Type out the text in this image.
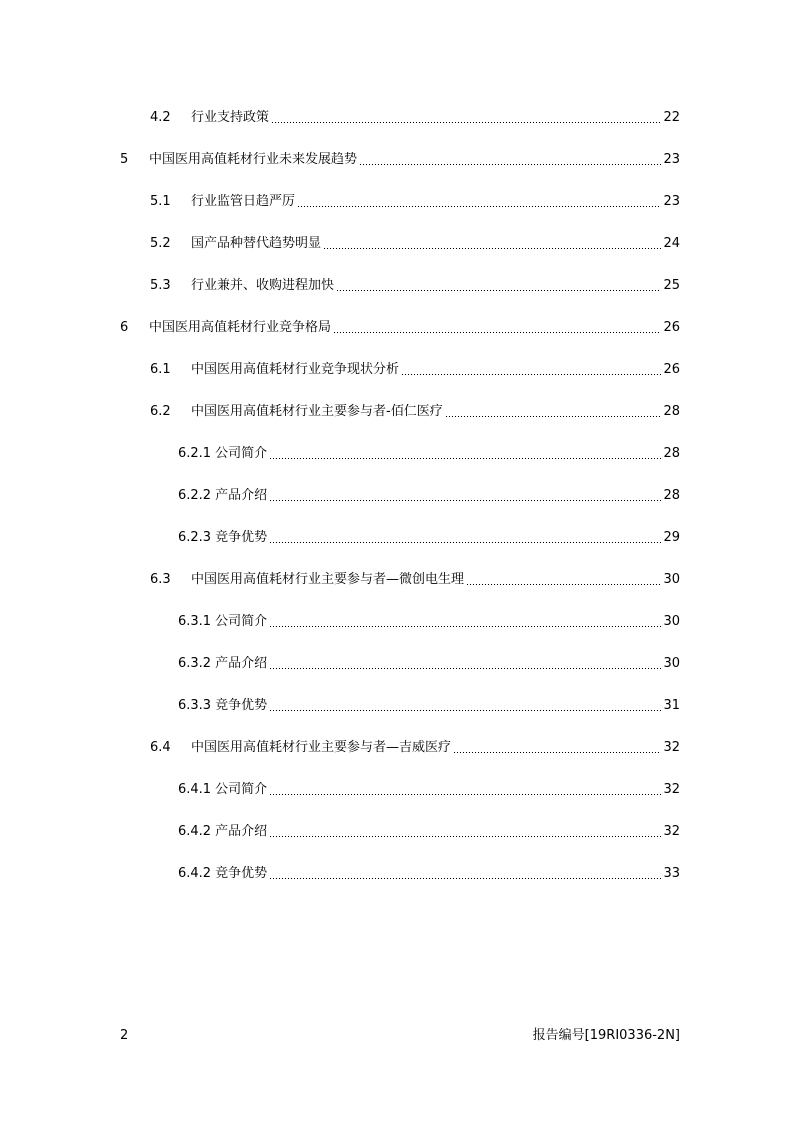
4.2	行业支持政策	22
5	中国医用高值耗材行业未来发展趋势	23
5.1	行业监管日趋严厉	23
5.2	国产品种替代趋势明显	24
5.3	行业兼并、收购进程加快	25
6	中国医用高值耗材行业竞争格局	26
6.1	中国医用高值耗材行业竞争现状分析	26
6.2	中国医用高值耗材行业主要参与者-佰仁医疗	28
6.2.1 公司简介	28
6.2.2 产品介绍	28
6.2.3 竞争优势	29
6.3	中国医用高值耗材行业主要参与者—微创电生理	30
6.3.1 公司简介	30
6.3.2 产品介绍	30
6.3.3 竞争优势	31
6.4	中国医用高值耗材行业主要参与者—吉威医疗	32
6.4.1 公司简介	32
6.4.2 产品介绍	32
6.4.2 竞争优势	33
2	报告编号[19RI0336-2N]
